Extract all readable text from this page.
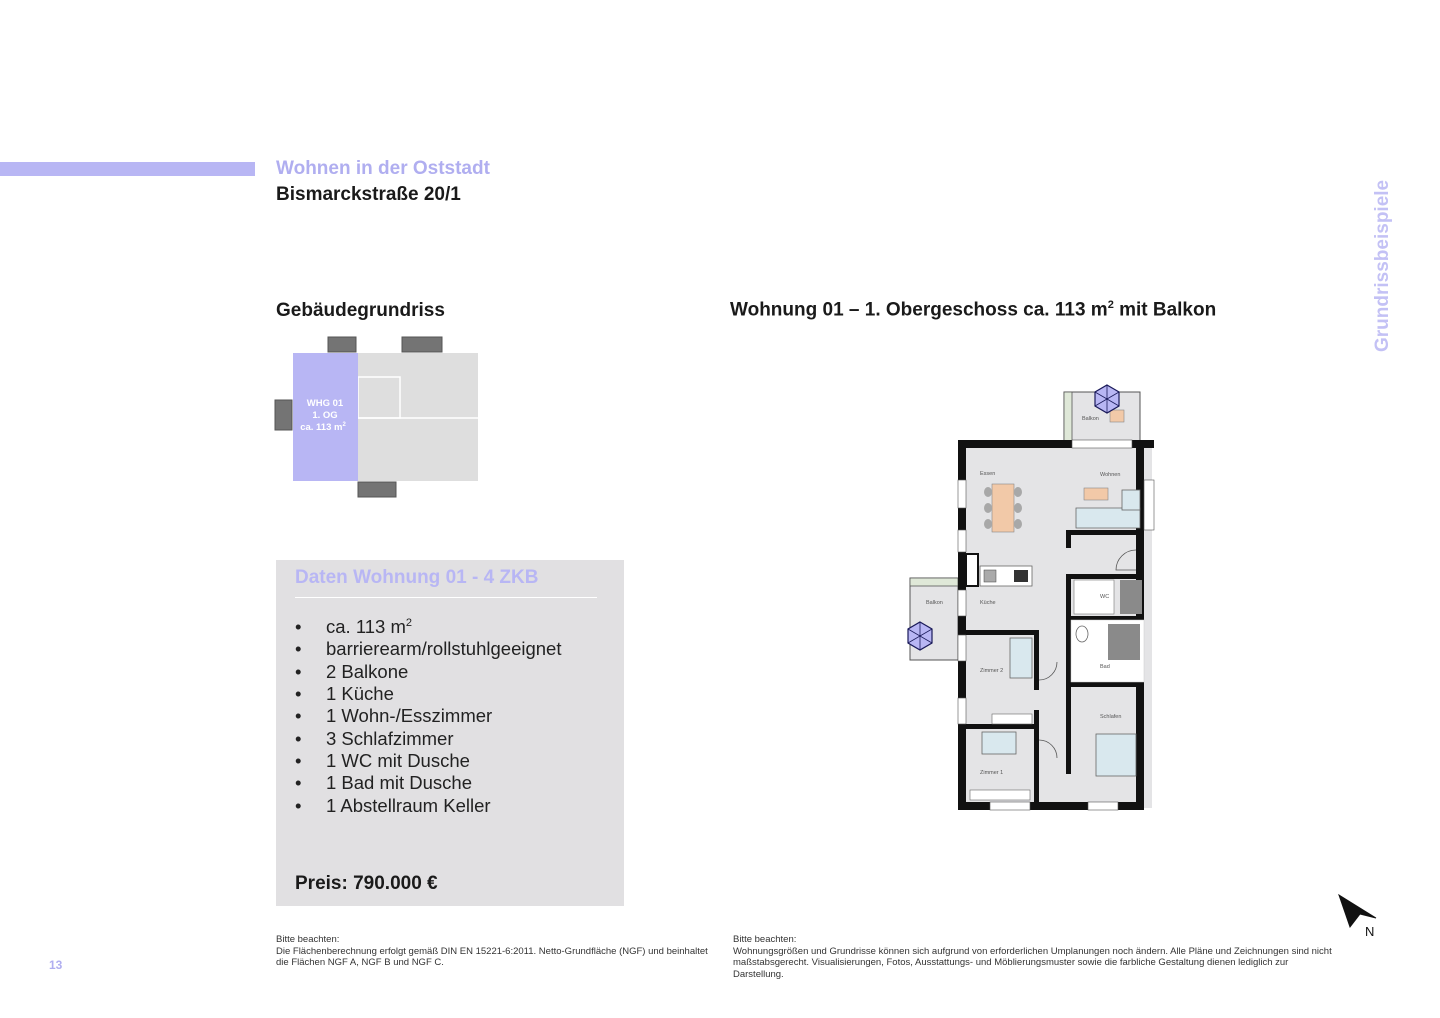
Wohnen in der Oststadt
Bismarckstraße 20/1	Grundrissbeispiele
Gebäudegrundriss	Wohnung 01 – 1. Obergeschoss ca. 113 $m^2$ mit Balkon
WHG 01
1. OG
ca. 113 $m^2$
Daten Wohnung 01 - 4 ZKB
• ca. 113 $m^2$
• barrierearm/rollstuhlgeeignet
• 2 Balkone
• 1 Küche
• 1 Wohn-/Esszimmer
• 3 Schlafzimmer
• 1 WC mit Dusche
• 1 Bad mit Dusche
• 1 Abstellraum Keller
Preis: 790.000 €
Balkon
Essen	Wohnen
Balkon	Küche
WC
Bad
Zimmer 2
Schlafen
Zimmer 1
N
Bitte beachten:
Die Flächenberechnung erfolgt gemäß DIN EN 15221-6:2011. Netto-Grundfläche (NGF) und beinhaltet die Flächen NGF A, NGF B und NGF C.
Bitte beachten:
Wohnungsgrößen und Grundrisse können sich aufgrund von erforderlichen Umplanungen noch ändern. Alle Pläne und Zeichnungen sind nicht maßstabsgerecht. Visualisierungen, Fotos, Ausstattungs- und Möblierungsmuster sowie die farbliche Gestaltung dienen lediglich zur Darstellung.
13
